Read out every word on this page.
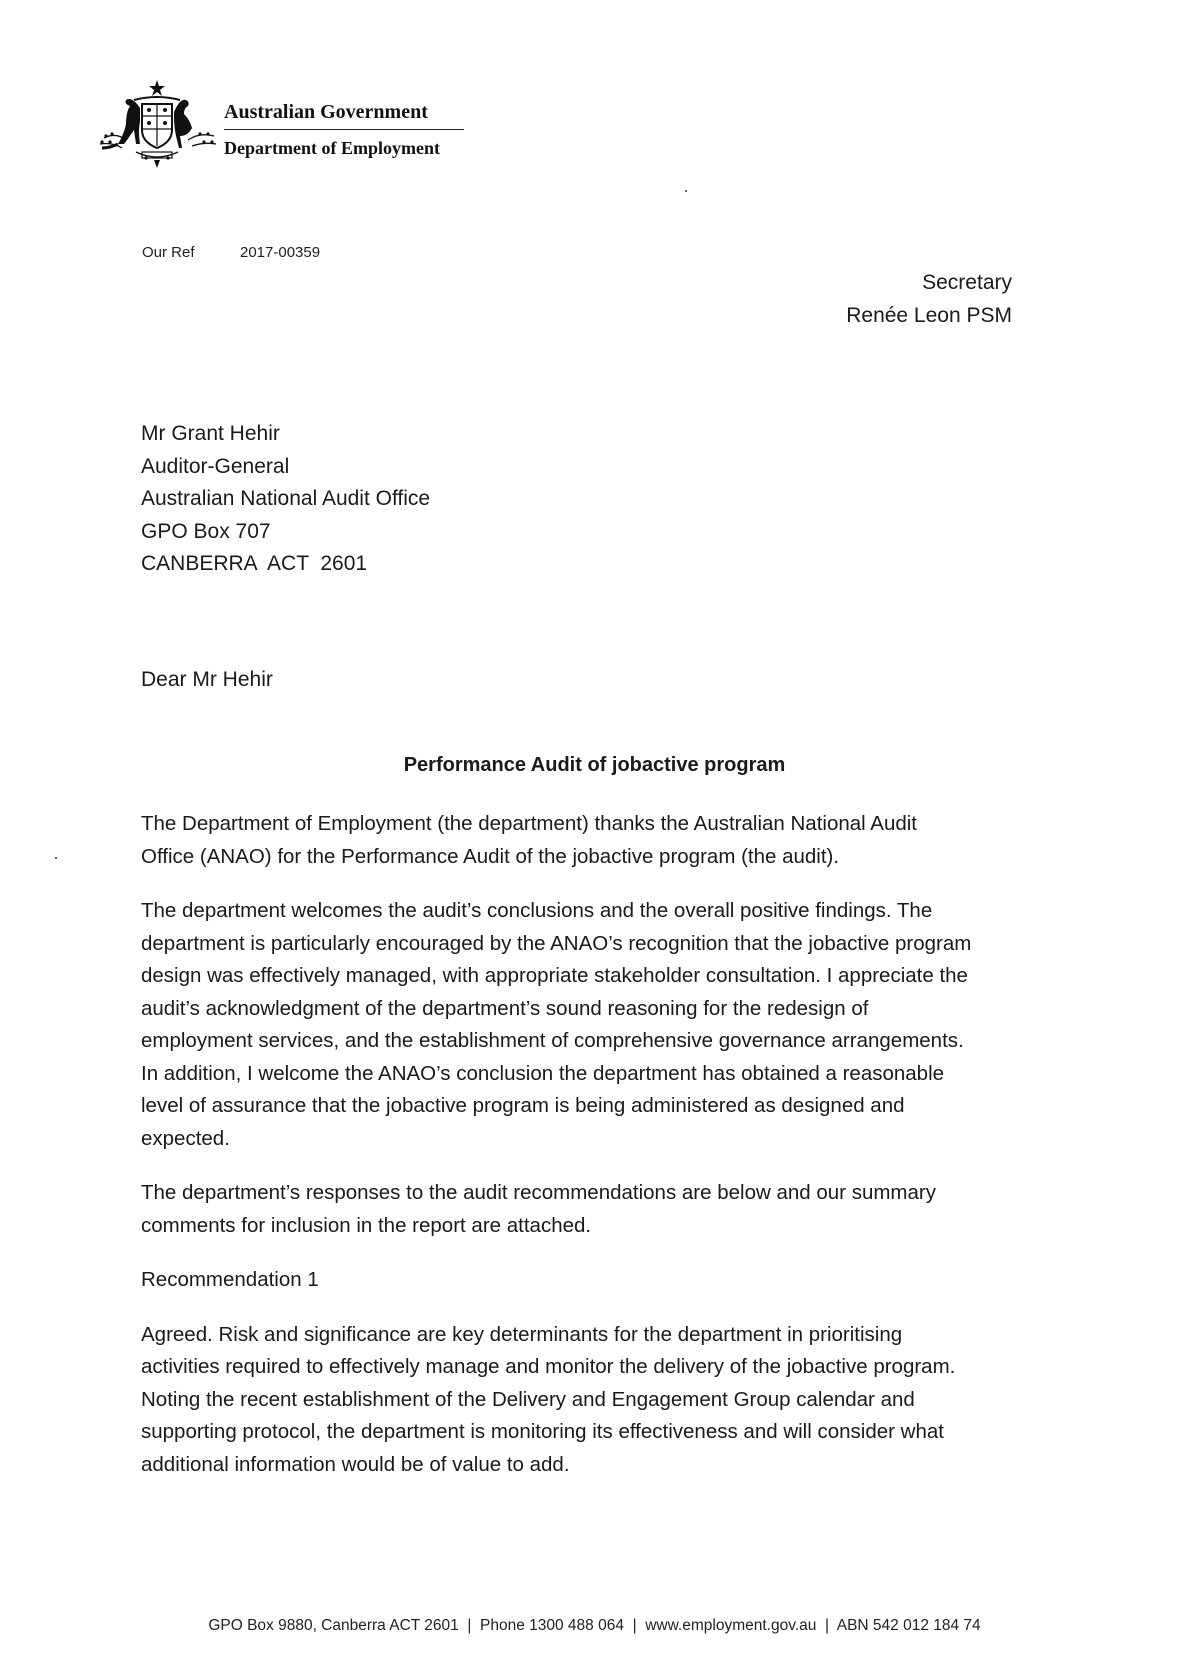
Australian Government
Department of Employment
Our Ref	2017-00359
Secretary
Renée Leon PSM
Mr Grant Hehir
Auditor-General
Australian National Audit Office
GPO Box 707
CANBERRA  ACT  2601
Dear Mr Hehir
Performance Audit of jobactive program

The Department of Employment (the department) thanks the Australian National Audit
Office (ANAO) for the Performance Audit of the jobactive program (the audit).

The department welcomes the audit’s conclusions and the overall positive findings. The
department is particularly encouraged by the ANAO’s recognition that the jobactive program
design was effectively managed, with appropriate stakeholder consultation. I appreciate the
audit’s acknowledgment of the department’s sound reasoning for the redesign of
employment services, and the establishment of comprehensive governance arrangements.
In addition, I welcome the ANAO’s conclusion the department has obtained a reasonable
level of assurance that the jobactive program is being administered as designed and
expected.

The department’s responses to the audit recommendations are below and our summary
comments for inclusion in the report are attached.

Recommendation 1

Agreed. Risk and significance are key determinants for the department in prioritising
activities required to effectively manage and monitor the delivery of the jobactive program.
Noting the recent establishment of the Delivery and Engagement Group calendar and
supporting protocol, the department is monitoring its effectiveness and will consider what
additional information would be of value to add.

GPO Box 9880, Canberra ACT 2601  |  Phone 1300 488 064  |  www.employment.gov.au  |  ABN 542 012 184 74
